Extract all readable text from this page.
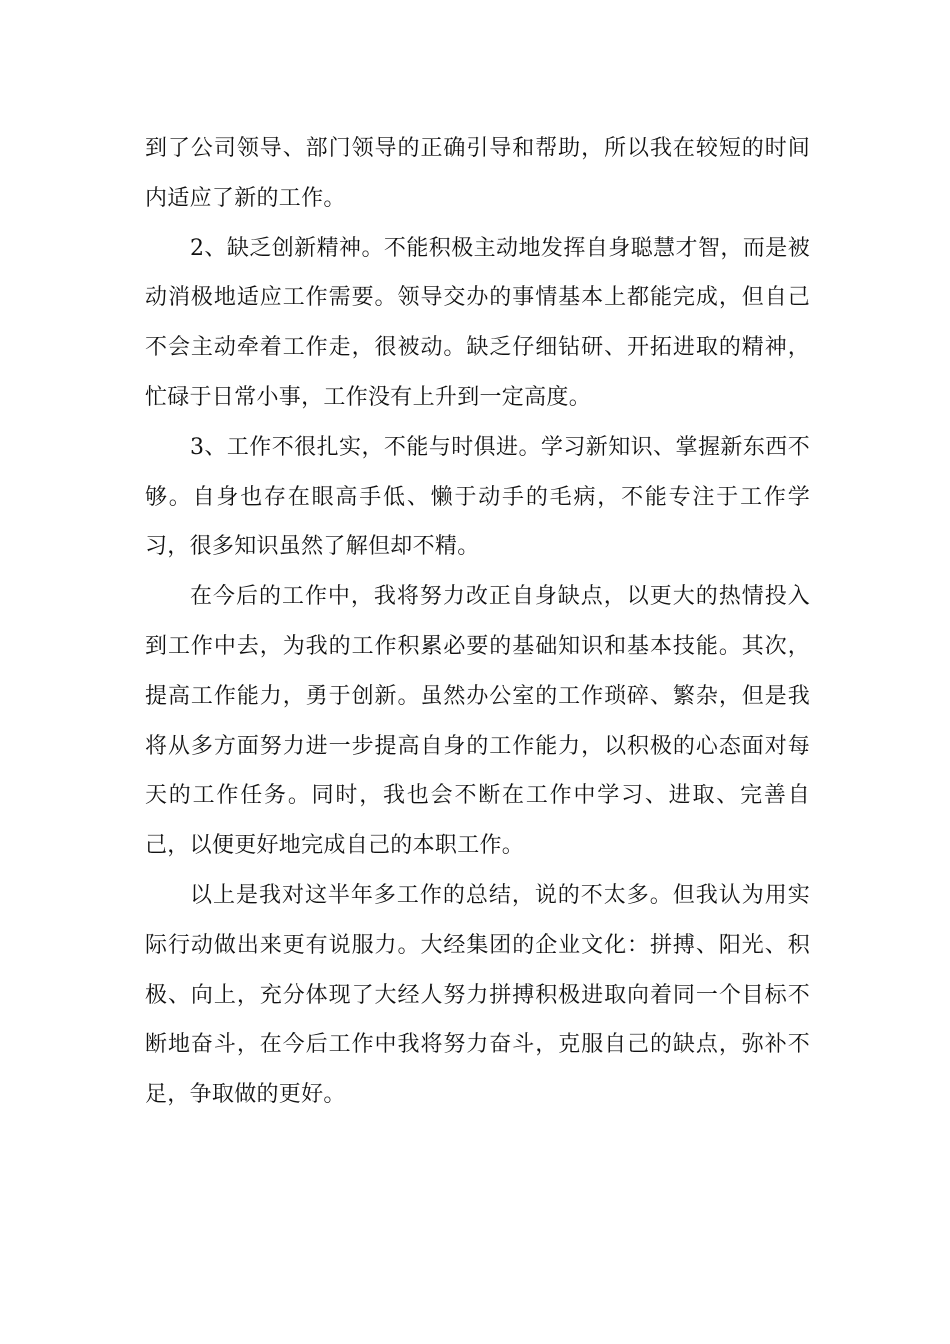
到了公司领导、部门领导的正确引导和帮助，所以我在较短的时间内适应了新的工作。

2、缺乏创新精神。不能积极主动地发挥自身聪慧才智，而是被动消极地适应工作需要。领导交办的事情基本上都能完成，但自己不会主动牵着工作走，很被动。缺乏仔细钻研、开拓进取的精神，忙碌于日常小事，工作没有上升到一定高度。

3、工作不很扎实，不能与时俱进。学习新知识、掌握新东西不够。自身也存在眼高手低、懒于动手的毛病，不能专注于工作学习，很多知识虽然了解但却不精。

在今后的工作中，我将努力改正自身缺点，以更大的热情投入到工作中去，为我的工作积累必要的基础知识和基本技能。其次，提高工作能力，勇于创新。虽然办公室的工作琐碎、繁杂，但是我将从多方面努力进一步提高自身的工作能力，以积极的心态面对每天的工作任务。同时，我也会不断在工作中学习、进取、完善自己，以便更好地完成自己的本职工作。

以上是我对这半年多工作的总结，说的不太多。但我认为用实际行动做出来更有说服力。大经集团的企业文化：拼搏、阳光、积极、向上，充分体现了大经人努力拼搏积极进取向着同一个目标不断地奋斗，在今后工作中我将努力奋斗，克服自己的缺点，弥补不足，争取做的更好。
